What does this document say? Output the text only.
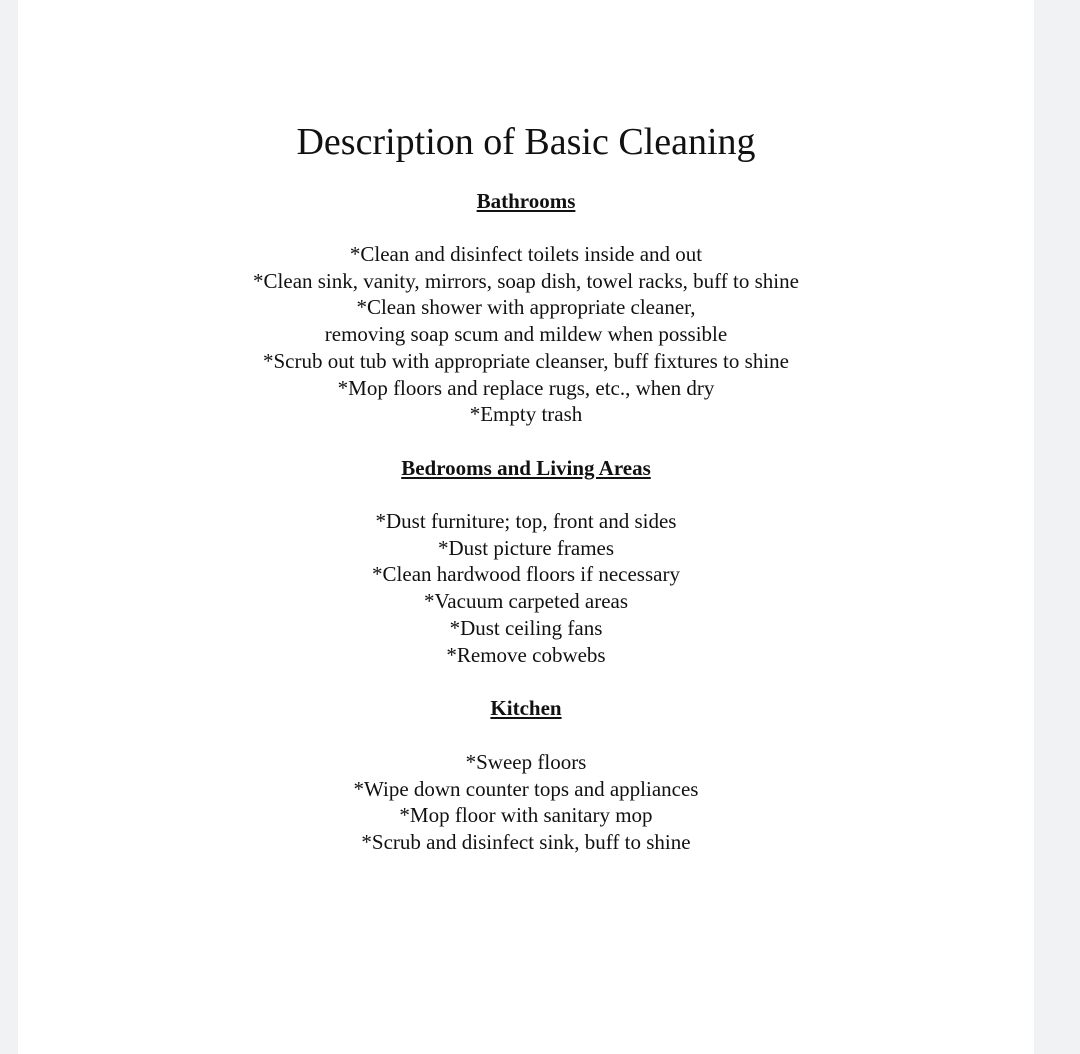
Description of Basic Cleaning
Bathrooms
*Clean and disinfect toilets inside and out
*Clean sink, vanity, mirrors, soap dish, towel racks, buff to shine
*Clean shower with appropriate cleaner,
removing soap scum and mildew when possible
*Scrub out tub with appropriate cleanser, buff fixtures to shine
*Mop floors and replace rugs, etc., when dry
*Empty trash
Bedrooms and Living Areas
*Dust furniture; top, front and sides
*Dust picture frames
*Clean hardwood floors if necessary
*Vacuum carpeted areas
*Dust ceiling fans
*Remove cobwebs
Kitchen
*Sweep floors
*Wipe down counter tops and appliances
*Mop floor with sanitary mop
*Scrub and disinfect sink, buff to shine
